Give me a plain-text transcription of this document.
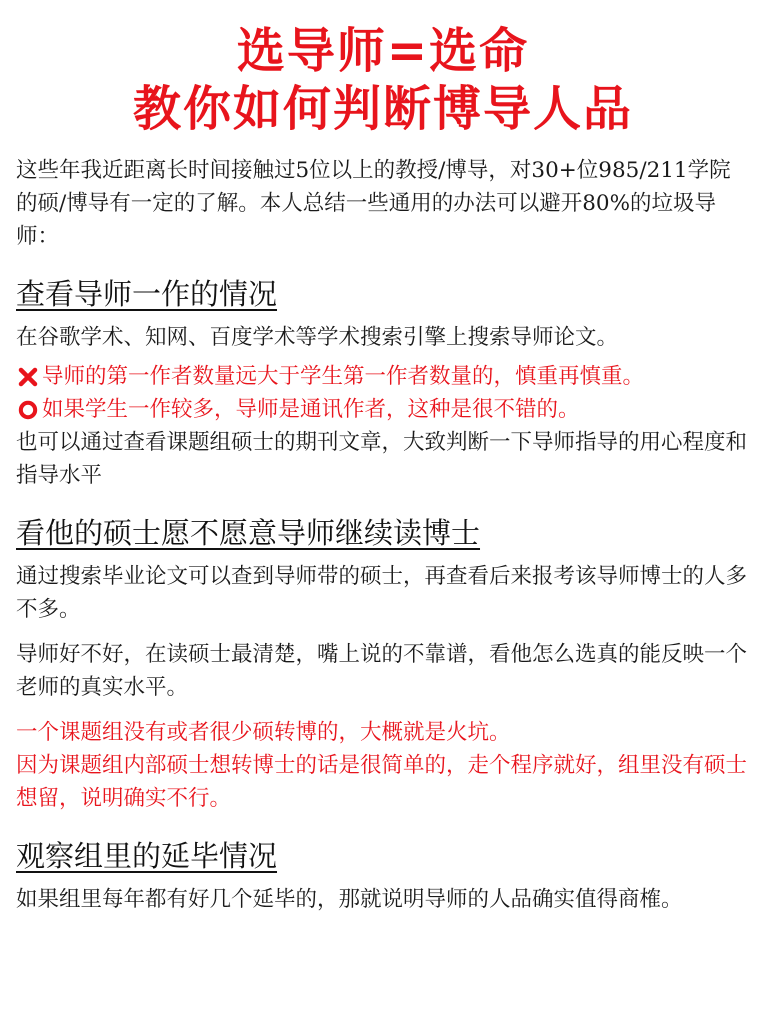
选导师=选命
教你如何判断博导人品

这些年我近距离长时间接触过5位以上的教授/博导，对30+位985/211学院的硕/博导有一定的了解。本人总结一些通用的办法可以避开80%的垃圾导师：

查看导师一作的情况

在谷歌学术、知网、百度学术等学术搜索引擎上搜索导师论文。

导师的第一作者数量远大于学生第一作者数量的，慎重再慎重。
如果学生一作较多，导师是通讯作者，这种是很不错的。

也可以通过查看课题组硕士的期刊文章，大致判断一下导师指导的用心程度和指导水平

看他的硕士愿不愿意导师继续读博士

通过搜索毕业论文可以查到导师带的硕士，再查看后来报考该导师博士的人多不多。

导师好不好，在读硕士最清楚，嘴上说的不靠谱，看他怎么选真的能反映一个老师的真实水平。

一个课题组没有或者很少硕转博的，大概就是火坑。

因为课题组内部硕士想转博士的话是很简单的，走个程序就好，组里没有硕士想留，说明确实不行。

观察组里的延毕情况

如果组里每年都有好几个延毕的，那就说明导师的人品确实值得商榷。
